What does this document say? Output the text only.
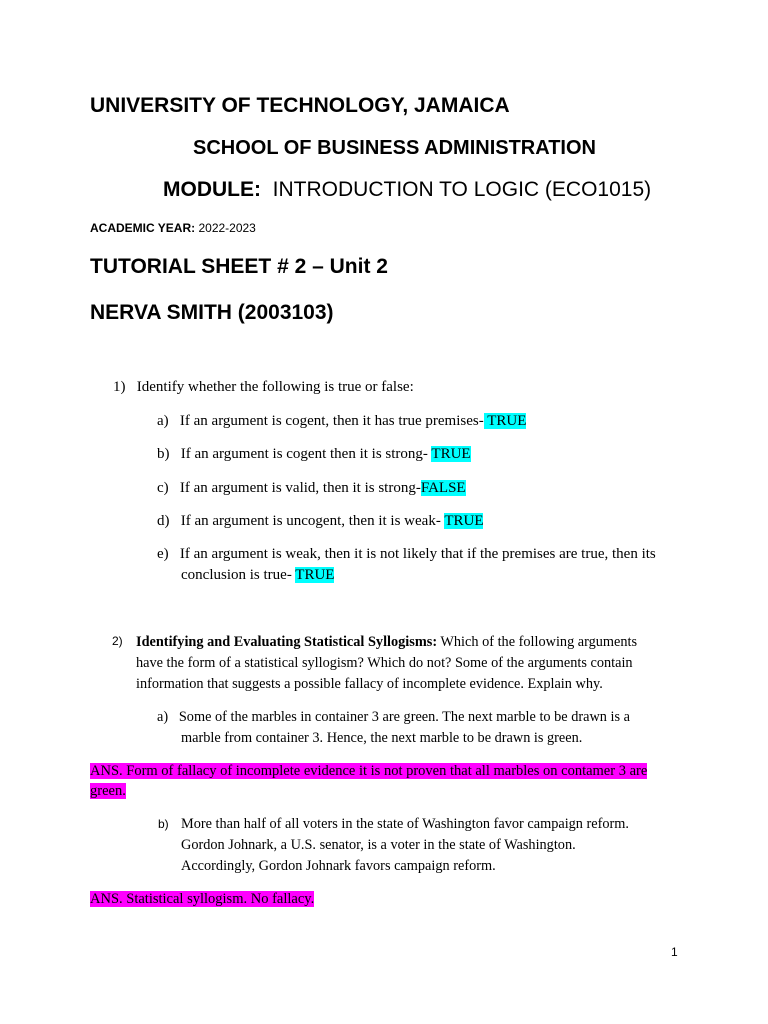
UNIVERSITY OF TECHNOLOGY, JAMAICA
SCHOOL OF BUSINESS ADMINISTRATION
MODULE: INTRODUCTION TO LOGIC (ECO1015)
ACADEMIC YEAR: 2022-2023
TUTORIAL SHEET # 2 – Unit 2
NERVA SMITH (2003103)
1) Identify whether the following is true or false:
a) If an argument is cogent, then it has true premises- TRUE
b) If an argument is cogent then it is strong- TRUE
c) If an argument is valid, then it is strong-FALSE
d) If an argument is uncogent, then it is weak- TRUE
e) If an argument is weak, then it is not likely that if the premises are true, then its
conclusion is true- TRUE
2) Identifying and Evaluating Statistical Syllogisms: Which of the following arguments
have the form of a statistical syllogism? Which do not? Some of the arguments contain
information that suggests a possible fallacy of incomplete evidence. Explain why.
a) Some of the marbles in container 3 are green. The next marble to be drawn is a
marble from container 3. Hence, the next marble to be drawn is green.
ANS. Form of fallacy of incomplete evidence it is not proven that all marbles on contamer 3 are
green.
b) More than half of all voters in the state of Washington favor campaign reform.
Gordon Johnark, a U.S. senator, is a voter in the state of Washington.
Accordingly, Gordon Johnark favors campaign reform.
ANS. Statistical syllogism. No fallacy.
1
